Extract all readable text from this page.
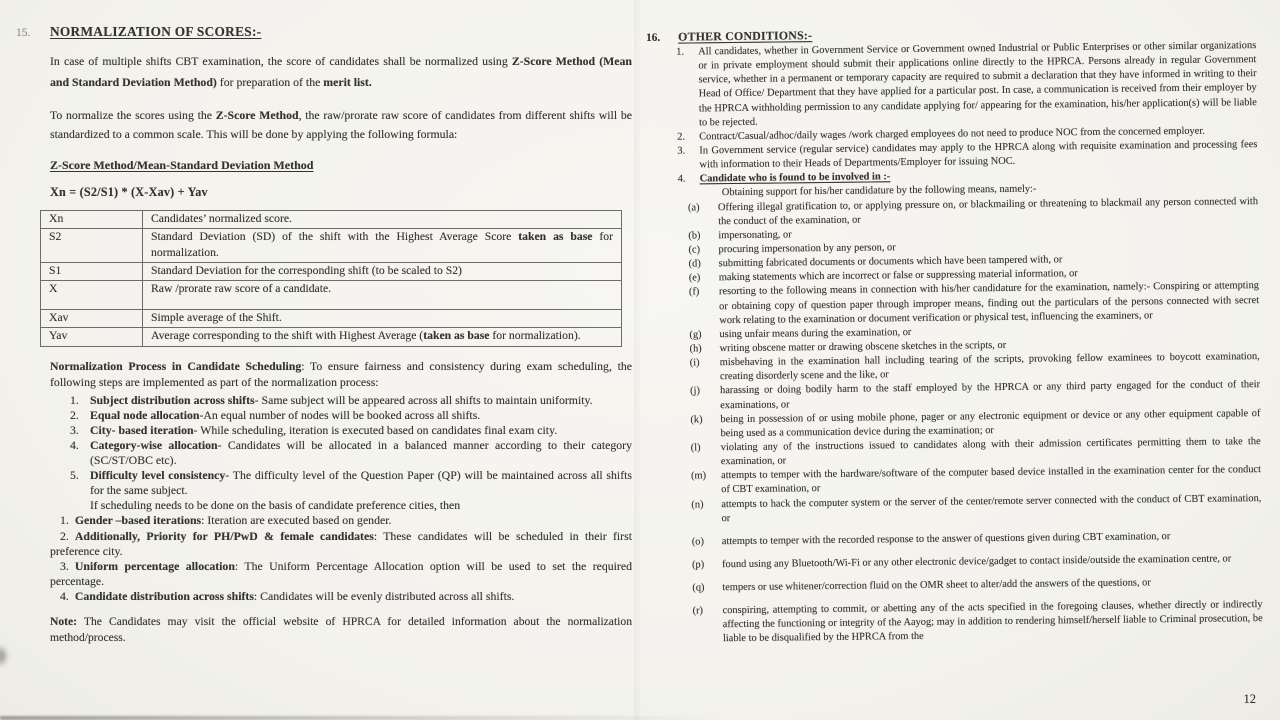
15.	NORMALIZATION OF SCORES:-

In case of multiple shifts CBT examination, the score of candidates shall be normalized using Z-Score Method (Mean and Standard Deviation Method) for preparation of the merit list.

To normalize the scores using the Z-Score Method, the raw/prorate raw score of candidates from different shifts will be standardized to a common scale. This will be done by applying the following formula:

Z-Score Method/Mean-Standard Deviation Method
Xn = (S2/S1) * (X-Xav) + Yav
Xn	Candidates’ normalized score.
S2	Standard Deviation (SD) of the shift with the Highest Average Score taken as base for normalization.
S1	Standard Deviation for the corresponding shift (to be scaled to S2)
X	Raw /prorate raw score of a candidate.
Xav	Simple average of the Shift.
Yav	Average corresponding to the shift with Highest Average (taken as base for normalization).

Normalization Process in Candidate Scheduling: To ensure fairness and consistency during exam scheduling, the following steps are implemented as part of the normalization process:

1. Subject distribution across shifts- Same subject will be appeared across all shifts to maintain uniformity.
2. Equal node allocation-An equal number of nodes will be booked across all shifts.
3. City- based iteration- While scheduling, iteration is executed based on candidates final exam city.
4. Category-wise allocation- Candidates will be allocated in a balanced manner according to their category (SC/ST/OBC etc).
5. Difficulty level consistency- The difficulty level of the Question Paper (QP) will be maintained across all shifts for the same subject.
If scheduling needs to be done on the basis of candidate preference cities, then

1. Gender –based iterations: Iteration are executed based on gender.

2. Additionally, Priority for PH/PwD & female candidates: These candidates will be scheduled in their first preference city.

3. Uniform percentage allocation: The Uniform Percentage Allocation option will be used to set the required percentage.

4. Candidate distribution across shifts: Candidates will be evenly distributed across all shifts.

Note: The Candidates may visit the official website of HPRCA for detailed information about the normalization method/process.

16.	OTHER CONDITIONS:-
1.	All candidates, whether in Government Service or Government owned Industrial or Public Enterprises or other similar organizations or in private employment should submit their applications online directly to the HPRCA. Persons already in regular Government service, whether in a permanent or temporary capacity are required to submit a declaration that they have informed in writing to their Head of Office/ Department that they have applied for a particular post. In case, a communication is received from their employer by the HPRCA withholding permission to any candidate applying for/ appearing for the examination, his/her application(s) will be liable to be rejected.
2.	Contract/Casual/adhoc/daily wages /work charged employees do not need to produce NOC from the concerned employer.
3.	In Government service (regular service) candidates may apply to the HPRCA along with requisite examination and processing fees with information to their Heads of Departments/Employer for issuing NOC.
4.	Candidate who is found to be involved in :-
Obtaining support for his/her candidature by the following means, namely:-
(a)	Offering illegal gratification to, or applying pressure on, or blackmailing or threatening to blackmail any person connected with the conduct of the examination, or
(b)	impersonating, or
(c)	procuring impersonation by any person, or
(d)	submitting fabricated documents or documents which have been tampered with, or
(e)	making statements which are incorrect or false or suppressing material information, or
(f)	resorting to the following means in connection with his/her candidature for the examination, namely:- Conspiring or attempting or obtaining copy of question paper through improper means, finding out the particulars of the persons connected with secret work relating to the examination or document verification or physical test, influencing the examiners, or
(g)	using unfair means during the examination, or
(h)	writing obscene matter or drawing obscene sketches in the scripts, or
(i)	misbehaving in the examination hall including tearing of the scripts, provoking fellow examinees to boycott examination, creating disorderly scene and the like, or
(j)	harassing or doing bodily harm to the staff employed by the HPRCA or any third party engaged for the conduct of their examinations, or
(k)	being in possession of or using mobile phone, pager or any electronic equipment or device or any other equipment capable of being used as a communication device during the examination; or
(l)	violating any of the instructions issued to candidates along with their admission certificates permitting them to take the examination, or
(m)	attempts to temper with the hardware/software of the computer based device installed in the examination center for the conduct of CBT examination, or
(n)	attempts to hack the computer system or the server of the center/remote server connected with the conduct of CBT examination, or
(o)	attempts to temper with the recorded response to the answer of questions given during CBT examination, or
(p)	found using any Bluetooth/Wi-Fi or any other electronic device/gadget to contact inside/outside the examination centre, or
(q)	tempers or use whitener/correction fluid on the OMR sheet to alter/add the answers of the questions, or
(r)	conspiring, attempting to commit, or abetting any of the acts specified in the foregoing clauses, whether directly or indirectly affecting the functioning or integrity of the Aayog; may in addition to rendering himself/herself liable to Criminal prosecution, be liable to be disqualified by the HPRCA from the
12
